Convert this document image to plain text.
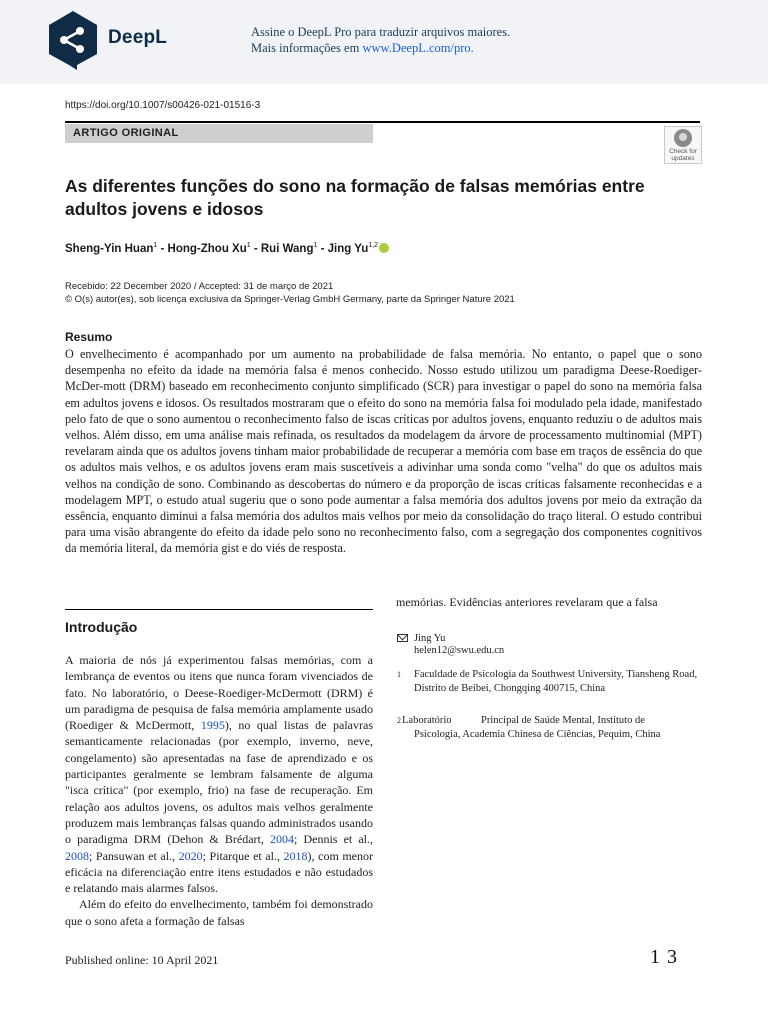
DeepL	Assine o DeepL Pro para traduzir arquivos maiores.
Mais informações em www.DeepL.com/pro.
https://doi.org/10.1007/s00426-021-01516-3
ARTIGO ORIGINAL
Check for
updates
As diferentes funções do sono na formação de falsas memórias entre adultos jovens e idosos
Sheng-Yin Huan$^1$ - Hong-Zhou Xu$^1$ - Rui Wang$^1$ - Jing Yu$^{1,2}$
Recebido: 22 December 2020 / Accepted: 31 de março de 2021
© O(s) autor(es), sob licença exclusiva da Springer-Verlag GmbH Germany, parte da Springer Nature 2021
Resumo
O envelhecimento é acompanhado por um aumento na probabilidade de falsa memória. No entanto, o papel que o sono desempenha no efeito da idade na memória falsa é menos conhecido. Nosso estudo utilizou um paradigma Deese-Roediger-McDer-mott (DRM) baseado em reconhecimento conjunto simplificado (SCR) para investigar o papel do sono na memória falsa em adultos jovens e idosos. Os resultados mostraram que o efeito do sono na memória falsa foi modulado pela idade, manifestado pelo fato de que o sono aumentou o reconhecimento falso de iscas críticas por adultos jovens, enquanto reduziu o de adultos mais velhos. Além disso, em uma análise mais refinada, os resultados da modelagem da árvore de processamento multinomial (MPT) revelaram ainda que os adultos jovens tinham maior probabilidade de recuperar a memória com base em traços de essência do que os adultos mais velhos, e os adultos jovens eram mais suscetíveis a adivinhar uma sonda como "velha" do que os adultos mais velhos na condição de sono. Combinando as descobertas do número e da proporção de iscas críticas falsamente reconhecidas e a modelagem MPT, o estudo atual sugeriu que o sono pode aumentar a falsa memória dos adultos jovens por meio da extração da essência, enquanto diminui a falsa memória dos adultos mais velhos por meio da consolidação do traço literal. O estudo contribui para uma visão abrangente do efeito da idade pelo sono no reconhecimento falso, com a segregação dos componentes cognitivos da memória literal, da memória gist e do viés de resposta.
Introdução

A maioria de nós já experimentou falsas memórias, com a lembrança de eventos ou itens que nunca foram vivenciados de fato. No laboratório, o Deese-Roediger-McDermott (DRM) é um paradigma de pesquisa de falsa memória amplamente usado (Roediger & McDermott, 1995), no qual listas de palavras semanticamente relacionadas (por exemplo, inverno, neve, congelamento) são apresentadas na fase de aprendizado e os participantes geralmente se lembram falsamente de alguma "isca crítica" (por exemplo, frio) na fase de recuperação. Em relação aos adultos jovens, os adultos mais velhos geralmente produzem mais lembranças falsas quando administrados usando o paradigma DRM (Dehon & Brédart, 2004; Dennis et al., 2008; Pansuwan et al., 2020; Pitarque et al., 2018), com menor eficácia na diferenciação entre itens estudados e não estudados e relatando mais alarmes falsos.

Além do efeito do envelhecimento, também foi demonstrado que o sono afeta a formação de falsas

memórias. Evidências anteriores revelaram que a falsa
Jing Yu
helen12@swu.edu.cn
1 Faculdade de Psicologia da Southwest University, Tiansheng Road, Distrito de Beibei, Chongqing 400715, China
2 Laboratório	Principal de Saúde Mental, Instituto de
Psicologia, Academia Chinesa de Ciências, Pequim, China
Published online: 10 April 2021	1 3
